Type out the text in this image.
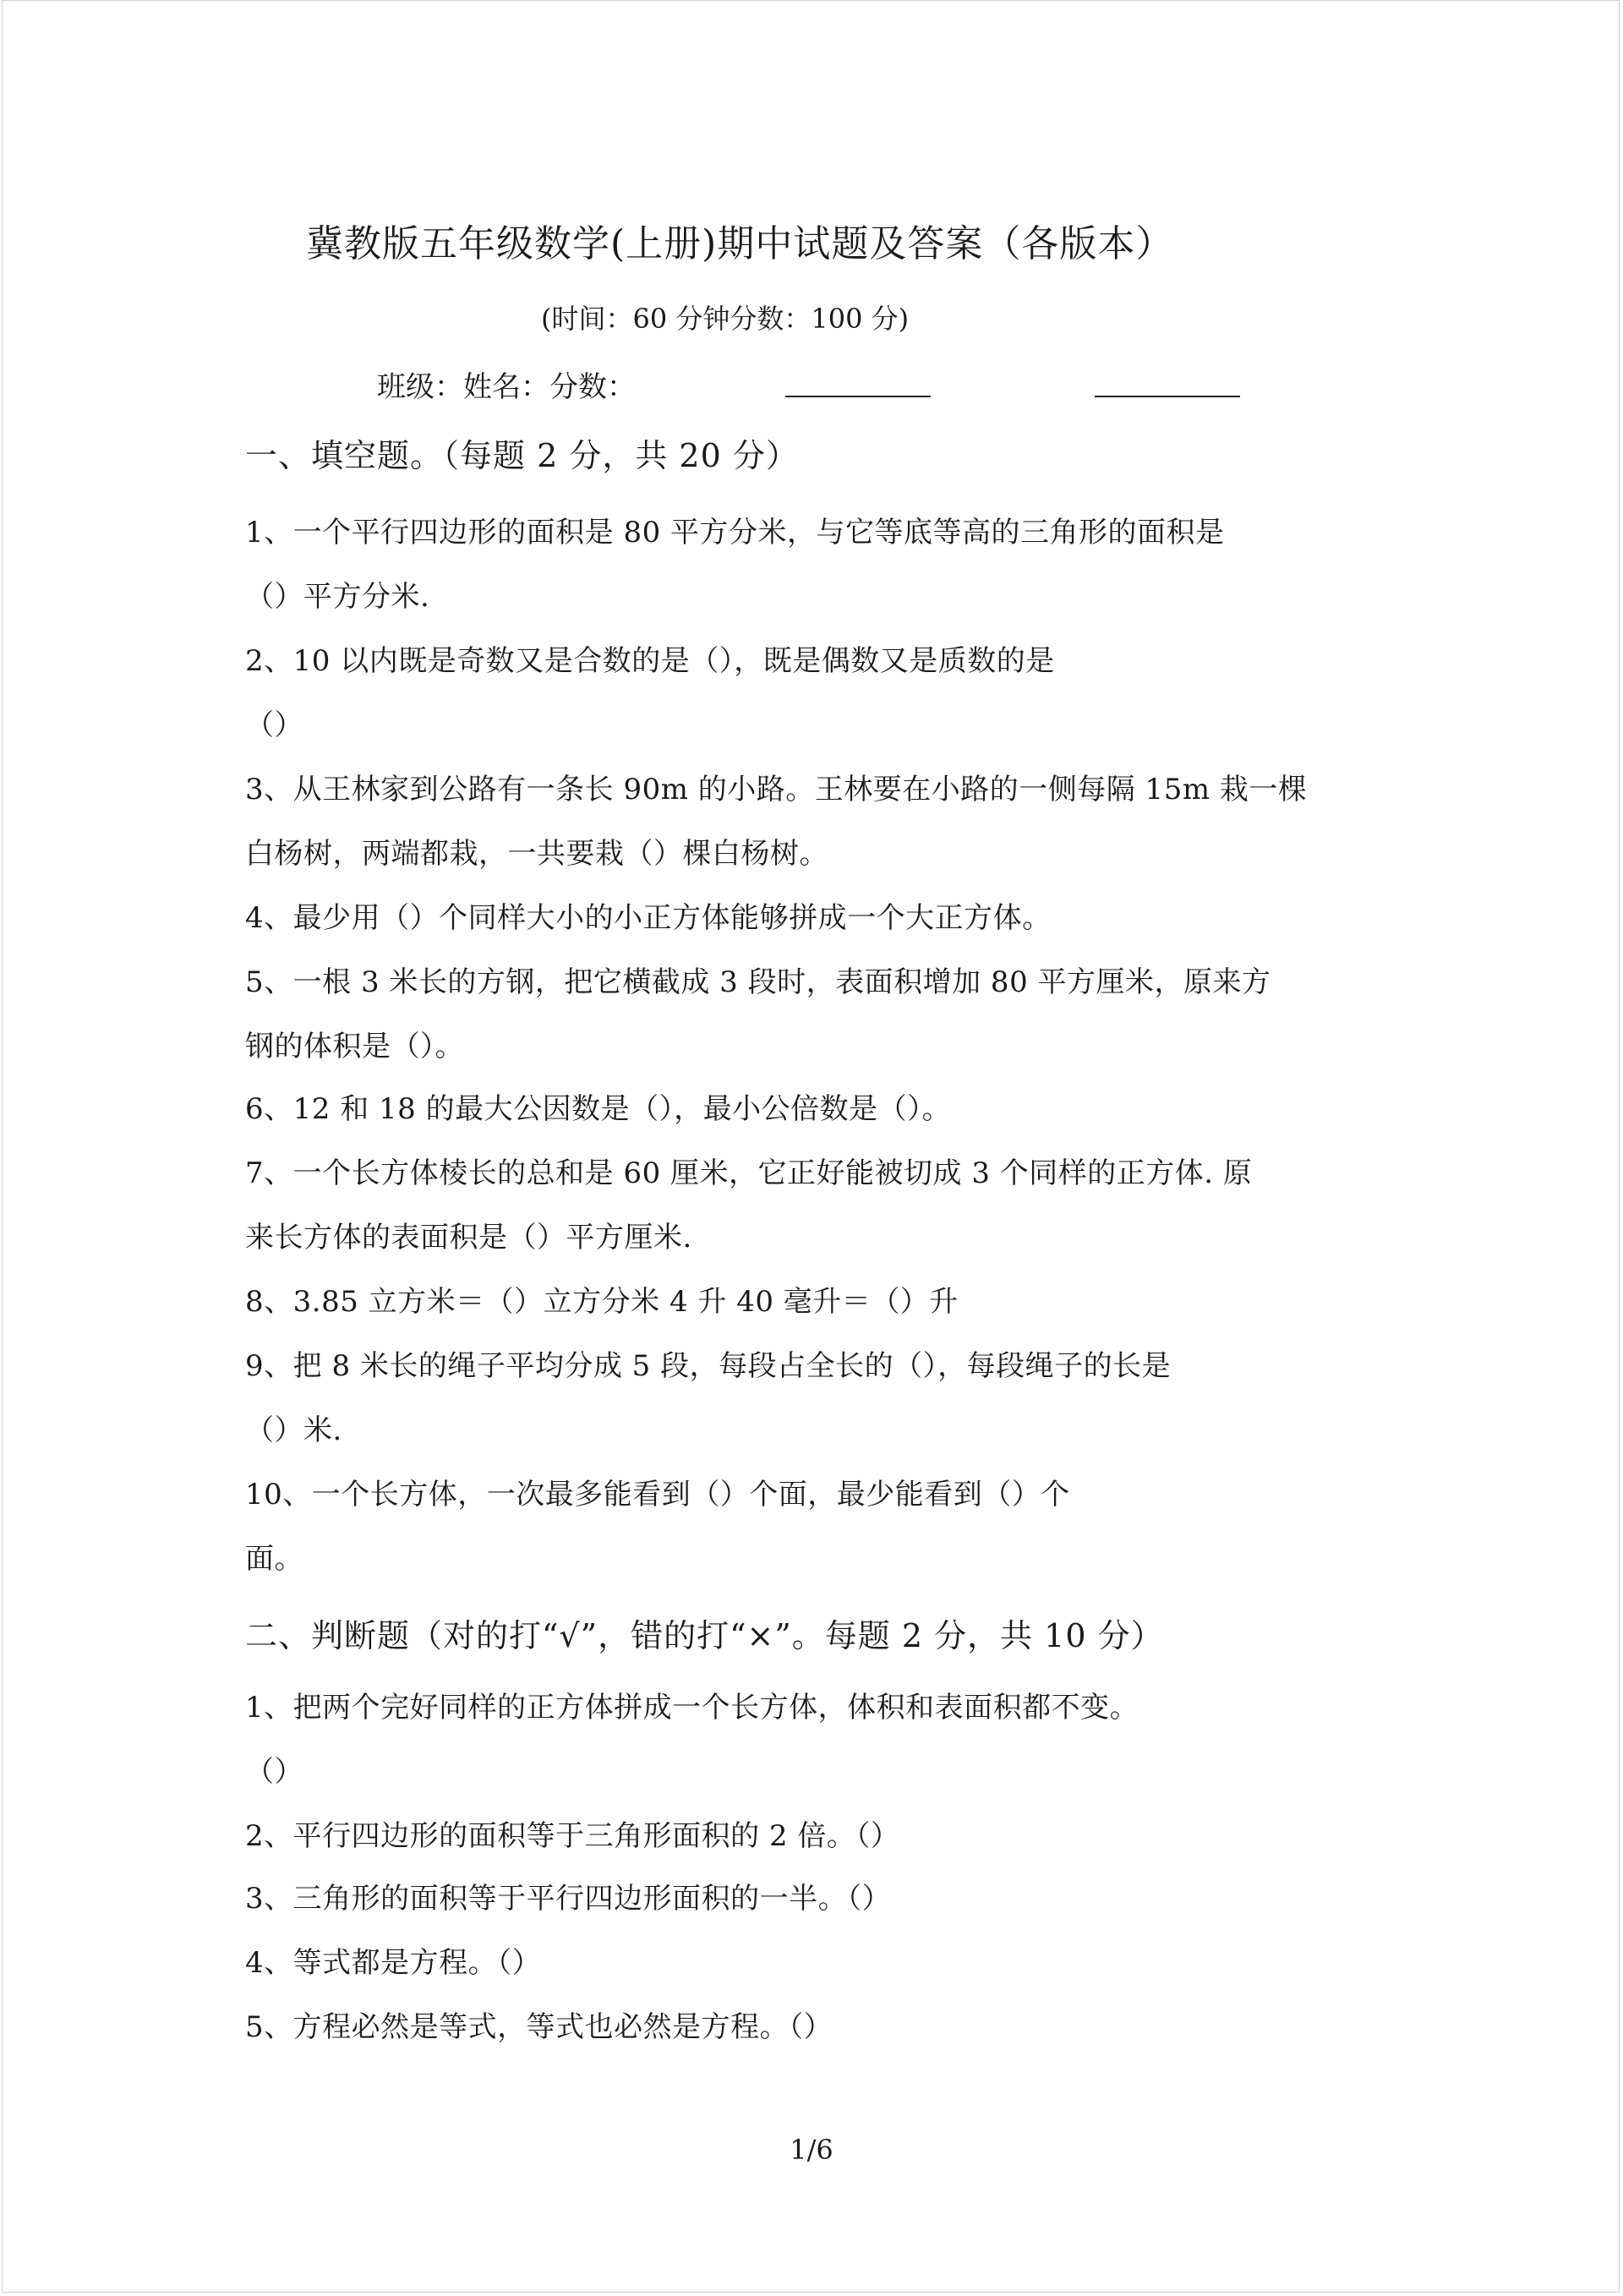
冀教版五年级数学(上册)期中试题及答案（各版本）
(时间：60 分钟分数：100 分)
班级：姓名：分数：
一、填空题。（每题 2 分，共 20 分）
1、一个平行四边形的面积是 80 平方分米，与它等底等高的三角形的面积是
（）平方分米.
2、10 以内既是奇数又是合数的是（），既是偶数又是质数的是
（）
3、从王林家到公路有一条长 90m 的小路。王林要在小路的一侧每隔 15m 栽一棵
白杨树，两端都栽，一共要栽（）棵白杨树。
4、最少用（）个同样大小的小正方体能够拼成一个大正方体。
5、一根 3 米长的方钢，把它横截成 3 段时，表面积增加 80 平方厘米，原来方
钢的体积是（）。
6、12 和 18 的最大公因数是（），最小公倍数是（）。
7、一个长方体棱长的总和是 60 厘米，它正好能被切成 3 个同样的正方体. 原
来长方体的表面积是（）平方厘米.
8、3.85 立方米＝（）立方分米 4 升 40 毫升＝（）升
9、把 8 米长的绳子平均分成 5 段，每段占全长的（），每段绳子的长是
（）米.
10、一个长方体，一次最多能看到（）个面，最少能看到（）个
面。
二、判断题（对的打“√”，错的打“×”。每题 2 分，共 10 分）
1、把两个完好同样的正方体拼成一个长方体，体积和表面积都不变。
（）
2、平行四边形的面积等于三角形面积的 2 倍。（）
3、三角形的面积等于平行四边形面积的一半。（）
4、等式都是方程。（）
5、方程必然是等式，等式也必然是方程。（）
1/6
